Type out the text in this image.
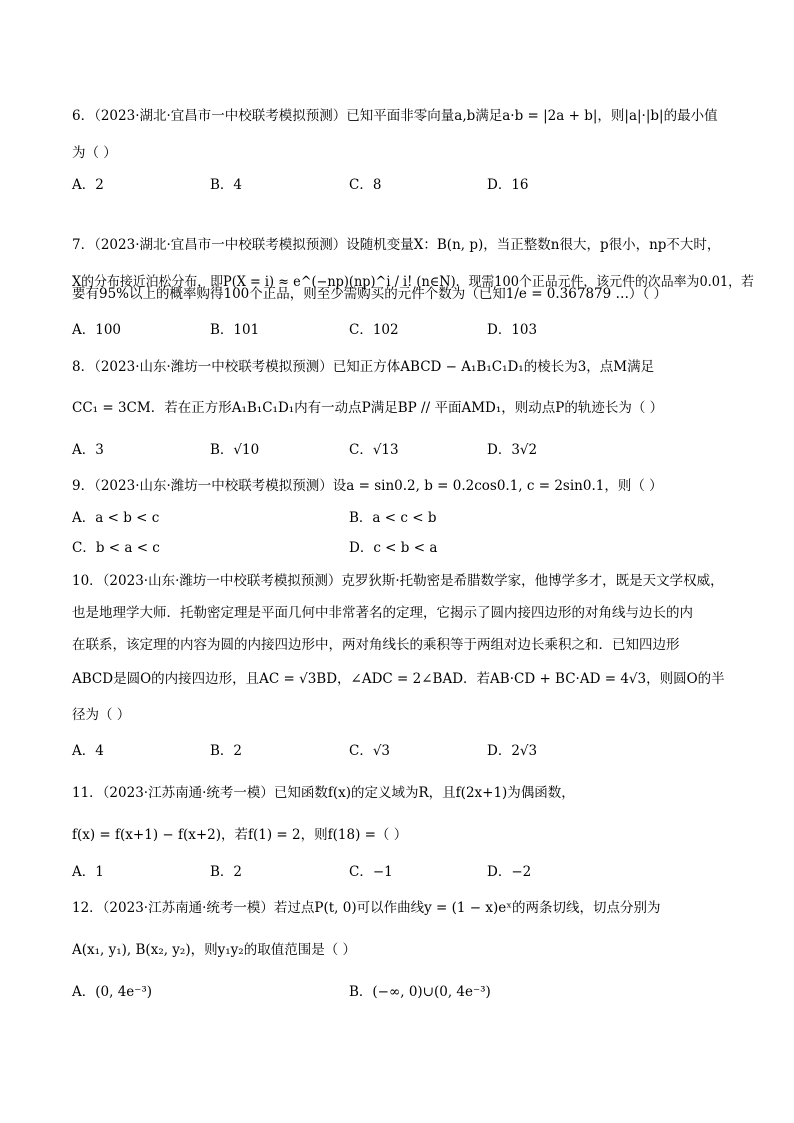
6．（2023·湖北·宜昌市一中校联考模拟预测）已知平面非零向量a,b满足a·b = |2a + b|，则|a|·|b|的最小值
为（ ）
A．2	B．4	C．8	D．16
7．（2023·湖北·宜昌市一中校联考模拟预测）设随机变量X：B(n, p)，当正整数n很大，p很小，np不大时，
X的分布接近泊松分布，即P(X = i) ≈ e^(−np)(np)^i / i! (n∈N)．现需100个正品元件，该元件的次品率为0.01，若
要有95%以上的概率购得100个正品，则至少需购买的元件个数为（已知1/e = 0.367879 …）（ ）
A．100	B．101	C．102	D．103
8．（2023·山东·潍坊一中校联考模拟预测）已知正方体ABCD − A₁B₁C₁D₁的棱长为3，点M满足
CC₁ = 3CM．若在正方形A₁B₁C₁D₁内有一动点P满足BP // 平面AMD₁，则动点P的轨迹长为（ ）
A．3	B．√10	C．√13	D．3√2
9．（2023·山东·潍坊一中校联考模拟预测）设a = sin0.2, b = 0.2cos0.1, c = 2sin0.1，则（ ）
A．a < b < c	B．a < c < b
C．b < a < c	D．c < b < a
10．（2023·山东·潍坊一中校联考模拟预测）克罗狄斯·托勒密是希腊数学家，他博学多才，既是天文学权威，
也是地理学大师．托勒密定理是平面几何中非常著名的定理，它揭示了圆内接四边形的对角线与边长的内
在联系，该定理的内容为圆的内接四边形中，两对角线长的乘积等于两组对边长乘积之和．已知四边形
ABCD是圆O的内接四边形，且AC = √3BD，∠ADC = 2∠BAD．若AB·CD + BC·AD = 4√3，则圆O的半
径为（ ）
A．4	B．2	C．√3	D．2√3
11．（2023·江苏南通·统考一模）已知函数f(x)的定义域为R，且f(2x+1)为偶函数，
f(x) = f(x+1) − f(x+2)，若f(1) = 2，则f(18) =（ ）
A．1	B．2	C．−1	D．−2
12．（2023·江苏南通·统考一模）若过点P(t, 0)可以作曲线y = (1 − x)eˣ的两条切线，切点分别为
A(x₁, y₁), B(x₂, y₂)，则y₁y₂的取值范围是（ ）
A．(0, 4e⁻³)	B．(−∞, 0)∪(0, 4e⁻³)
